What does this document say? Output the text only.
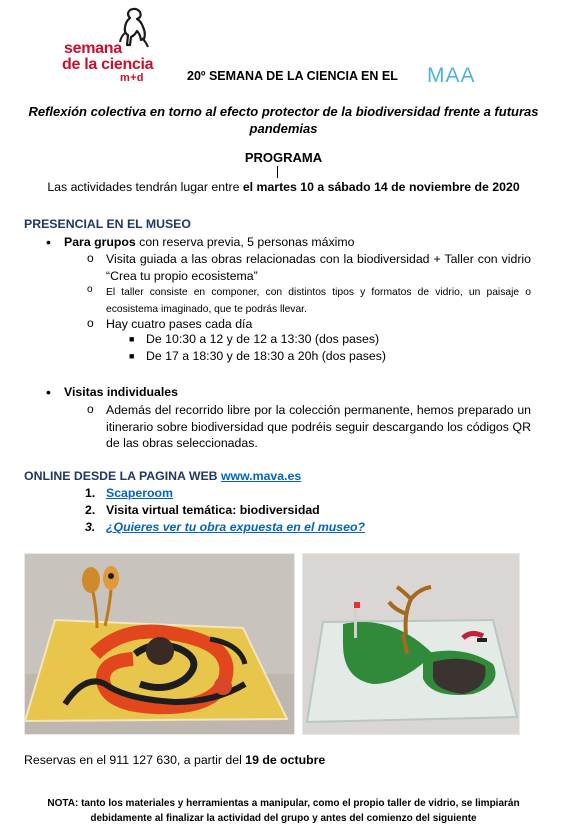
semana
de la ciencia
m+d	20º SEMANA DE LA CIENCIA EN EL MAA
Reflexión colectiva en torno al efecto protector de la biodiversidad frente a futuras pandemias
PROGRAMA
Las actividades tendrán lugar entre el martes 10 a sábado 14 de noviembre de 2020
PRESENCIAL EN EL MUSEO
Para grupos con reserva previa, 5 personas máximo
o Visita guiada a las obras relacionadas con la biodiversidad + Taller con vidrio “Crea tu propio ecosistema”
o El taller consiste en componer, con distintos tipos y formatos de vidrio, un paisaje o ecosistema imaginado, que te podrás llevar.
o Hay cuatro pases cada día
■ De 10:30 a 12 y de 12 a 13:30 (dos pases)
■ De 17 a 18:30 y de 18:30 a 20h (dos pases)
Visitas individuales
o Además del recorrido libre por la colección permanente, hemos preparado un itinerario sobre biodiversidad que podréis seguir descargando los códigos QR de las obras seleccionadas.
ONLINE DESDE LA PAGINA WEB www.mava.es
1. Scaperoom
2. Visita virtual temática: biodiversidad
3. ¿Quieres ver tu obra expuesta en el museo?
Reservas en el 911 127 630, a partir del 19 de octubre
NOTA: tanto los materiales y herramientas a manipular, como el propio taller de vidrio, se limpiarán debidamente al finalizar la actividad del grupo y antes del comienzo del siguiente
